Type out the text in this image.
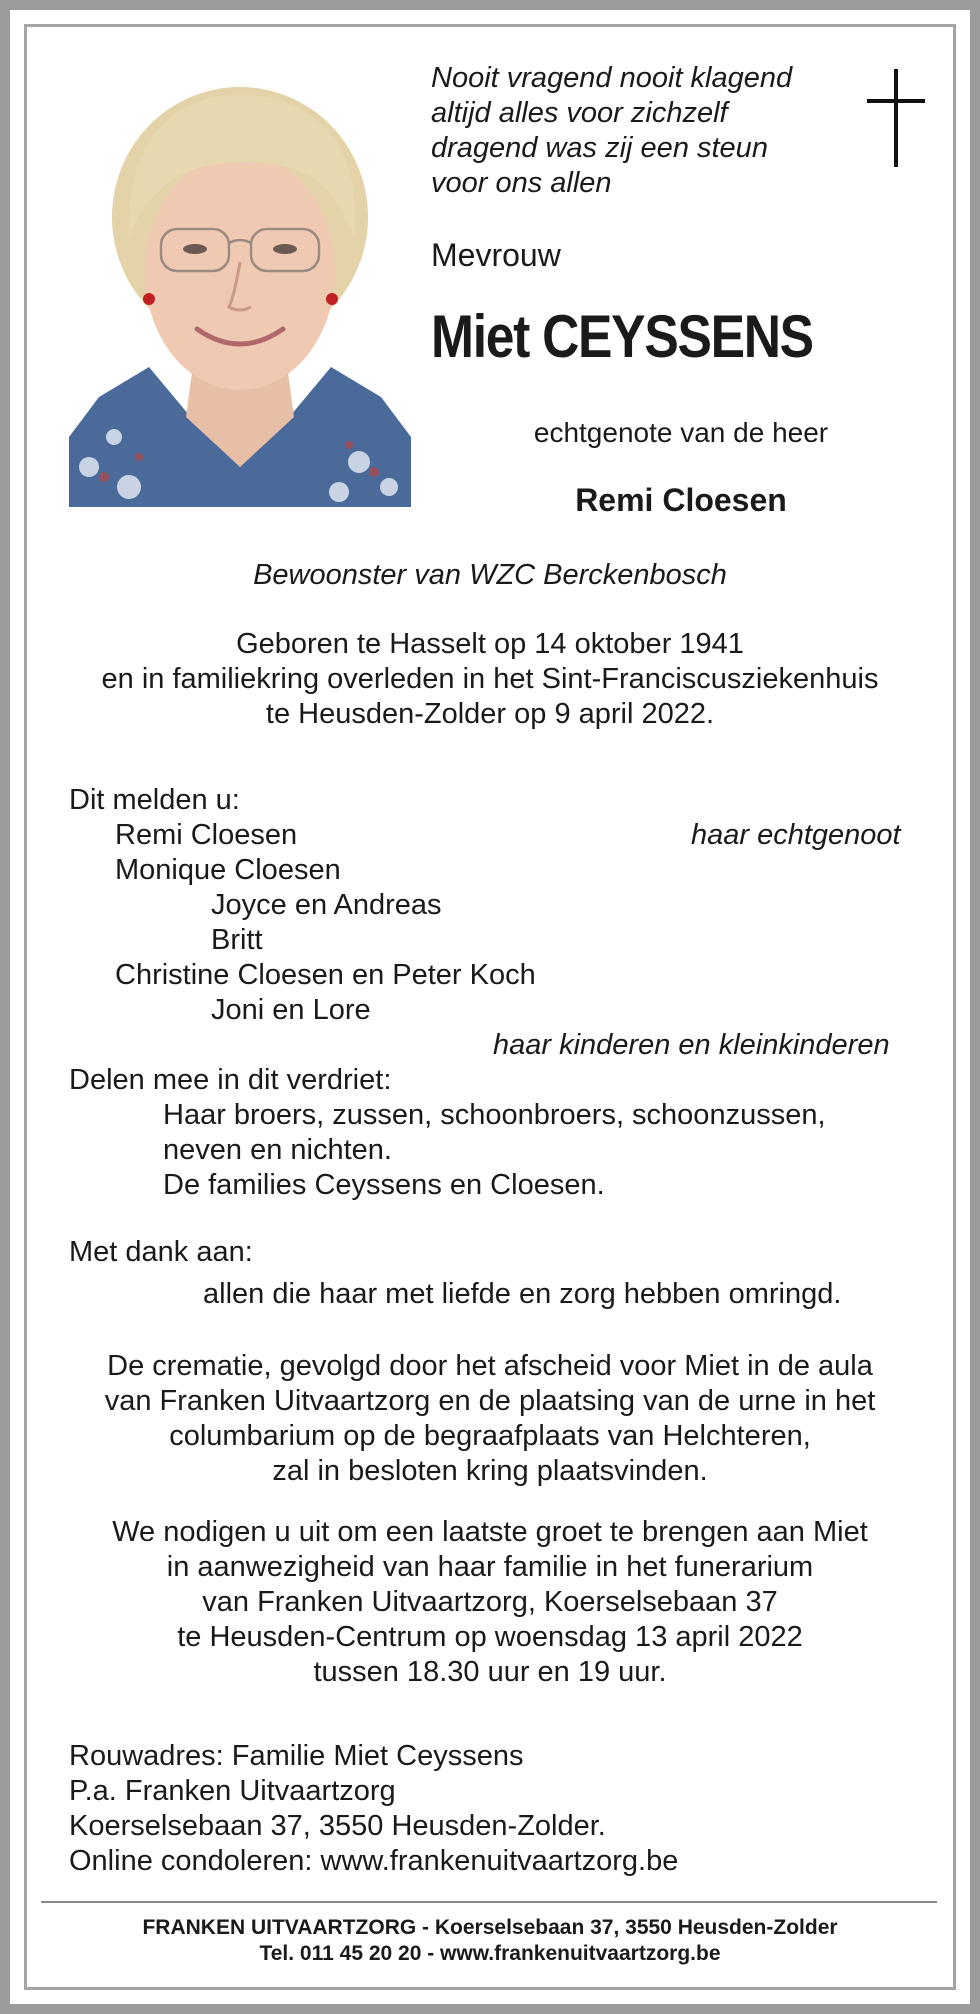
Nooit vragend nooit klagend
altijd alles voor zichzelf
dragend was zij een steun
voor ons allen
Mevrouw
Miet CEYSSENS
echtgenote van de heer
Remi Cloesen
Bewoonster van WZC Berckenbosch
Geboren te Hasselt op 14 oktober 1941
en in familiekring overleden in het Sint-Franciscusziekenhuis
te Heusden-Zolder op 9 april 2022.
Dit melden u:
Remi Cloesen	haar echtgenoot
Monique Cloesen
Joyce en Andreas
Britt
Christine Cloesen en Peter Koch
Joni en Lore
haar kinderen en kleinkinderen
Delen mee in dit verdriet:
Haar broers, zussen, schoonbroers, schoonzussen,
neven en nichten.
De families Ceyssens en Cloesen.
Met dank aan:
allen die haar met liefde en zorg hebben omringd.
De crematie, gevolgd door het afscheid voor Miet in de aula
van Franken Uitvaartzorg en de plaatsing van de urne in het
columbarium op de begraafplaats van Helchteren,
zal in besloten kring plaatsvinden.
We nodigen u uit om een laatste groet te brengen aan Miet
in aanwezigheid van haar familie in het funerarium
van Franken Uitvaartzorg, Koerselsebaan 37
te Heusden-Centrum op woensdag 13 april 2022
tussen 18.30 uur en 19 uur.
Rouwadres: Familie Miet Ceyssens
P.a. Franken Uitvaartzorg
Koerselsebaan 37, 3550 Heusden-Zolder.
Online condoleren: www.frankenuitvaartzorg.be
FRANKEN UITVAARTZORG - Koerselsebaan 37, 3550 Heusden-Zolder
Tel. 011 45 20 20 - www.frankenuitvaartzorg.be
